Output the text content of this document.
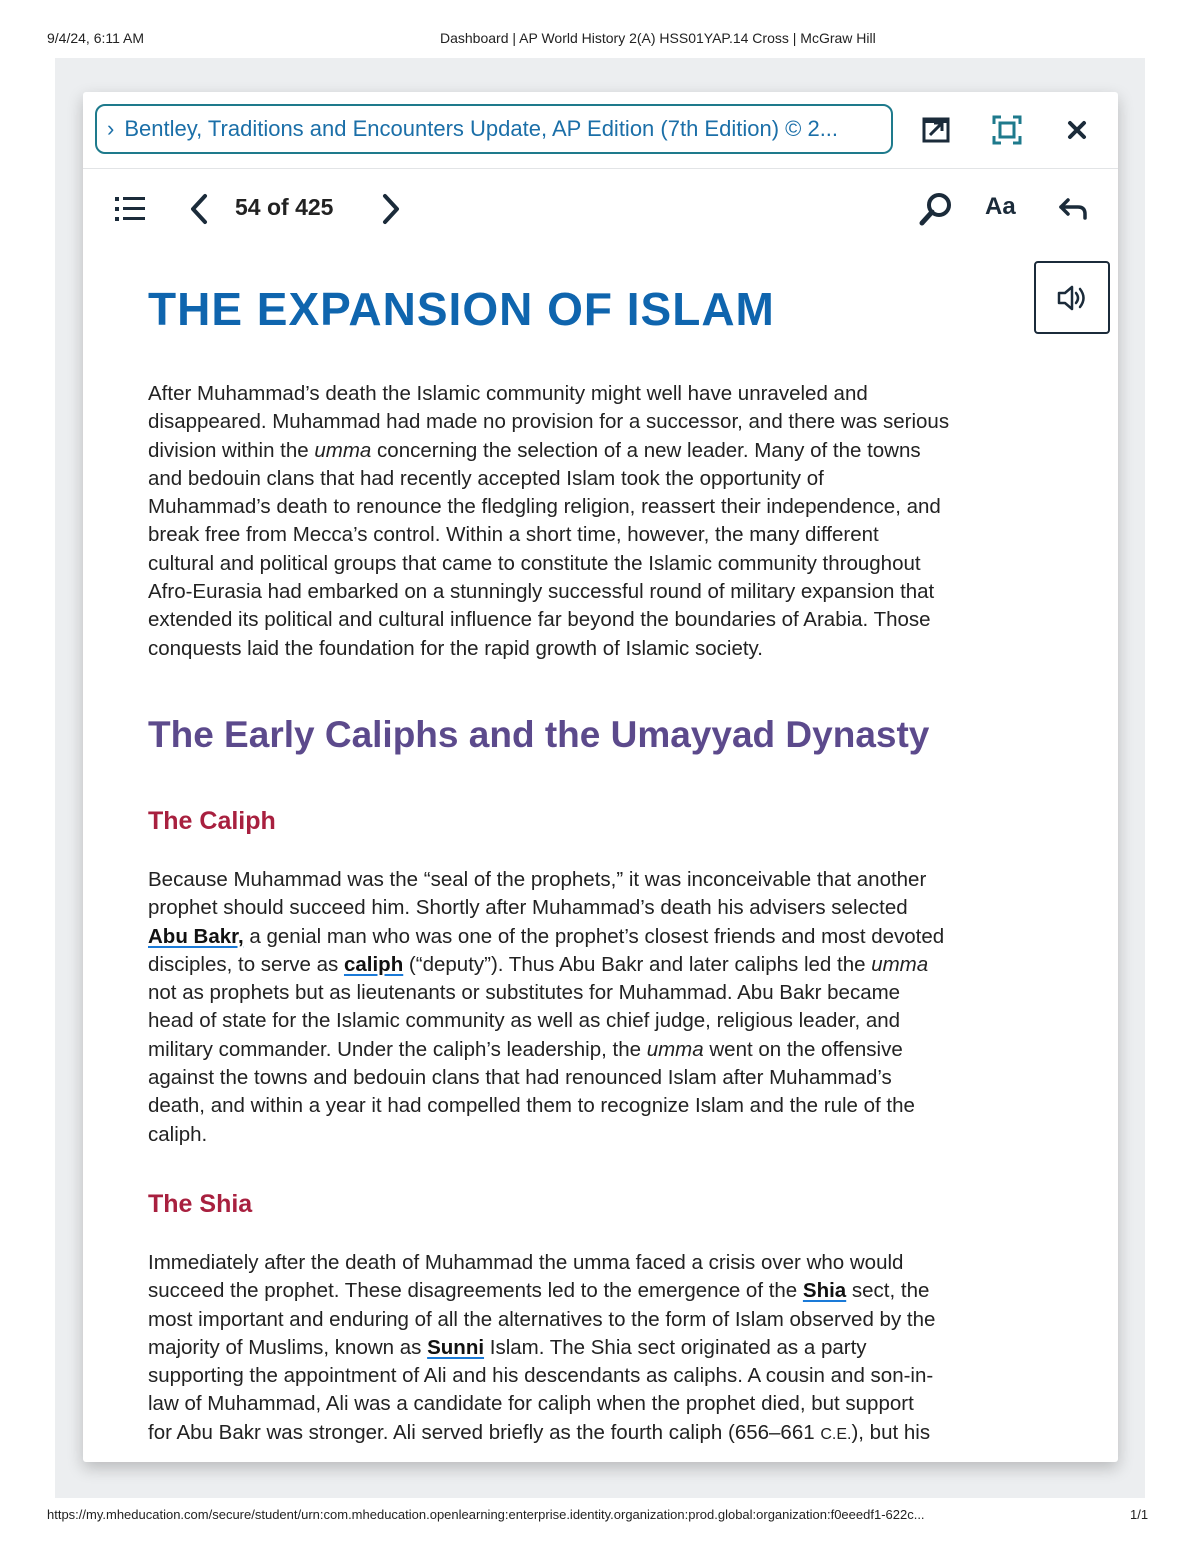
9/4/24, 6:11 AM	Dashboard | AP World History 2(A) HSS01YAP.14 Cross | McGraw Hill
› Bentley, Traditions and Encounters Update, AP Edition (7th Edition) © 2...
54 of 425	Aa
THE EXPANSION OF ISLAM
After Muhammad’s death the Islamic community might well have unraveled and
disappeared. Muhammad had made no provision for a successor, and there was serious
division within the umma concerning the selection of a new leader. Many of the towns
and bedouin clans that had recently accepted Islam took the opportunity of
Muhammad’s death to renounce the fledgling religion, reassert their independence, and
break free from Mecca’s control. Within a short time, however, the many different
cultural and political groups that came to constitute the Islamic community throughout
Afro-Eurasia had embarked on a stunningly successful round of military expansion that
extended its political and cultural influence far beyond the boundaries of Arabia. Those
conquests laid the foundation for the rapid growth of Islamic society.
The Early Caliphs and the Umayyad Dynasty
The Caliph
Because Muhammad was the “seal of the prophets,” it was inconceivable that another
prophet should succeed him. Shortly after Muhammad’s death his advisers selected
Abu Bakr, a genial man who was one of the prophet’s closest friends and most devoted
disciples, to serve as caliph (“deputy”). Thus Abu Bakr and later caliphs led the umma
not as prophets but as lieutenants or substitutes for Muhammad. Abu Bakr became
head of state for the Islamic community as well as chief judge, religious leader, and
military commander. Under the caliph’s leadership, the umma went on the offensive
against the towns and bedouin clans that had renounced Islam after Muhammad’s
death, and within a year it had compelled them to recognize Islam and the rule of the
caliph.
The Shia
Immediately after the death of Muhammad the umma faced a crisis over who would
succeed the prophet. These disagreements led to the emergence of the Shia sect, the
most important and enduring of all the alternatives to the form of Islam observed by the
majority of Muslims, known as Sunni Islam. The Shia sect originated as a party
supporting the appointment of Ali and his descendants as caliphs. A cousin and son-in-
law of Muhammad, Ali was a candidate for caliph when the prophet died, but support
for Abu Bakr was stronger. Ali served briefly as the fourth caliph (656–661 C.E.), but his
https://my.mheducation.com/secure/student/urn:com.mheducation.openlearning:enterprise.identity.organization:prod.global:organization:f0eeedf1-622c...	1/1
